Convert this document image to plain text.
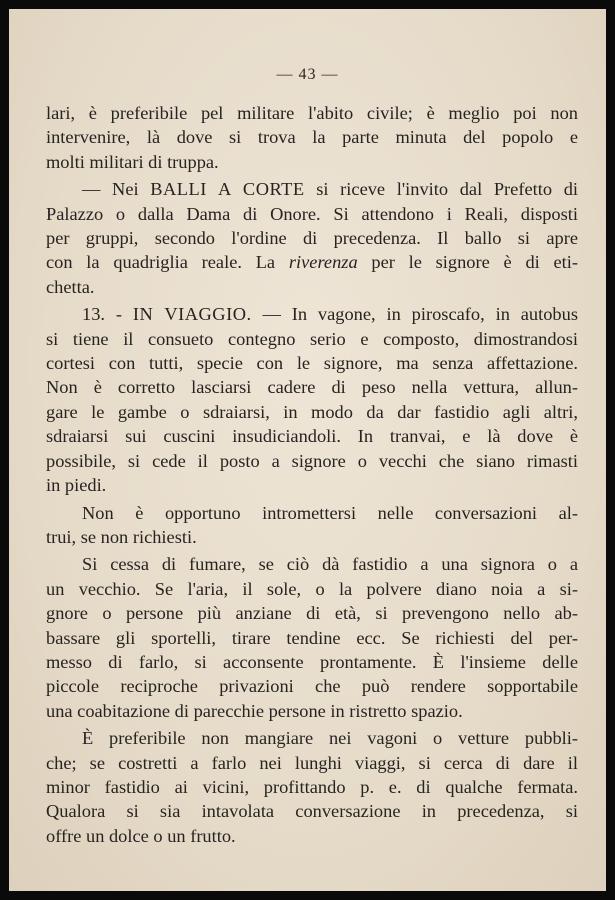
— 43 —

lari, è preferibile pel militare l'abito civile; è meglio poi non
intervenire, là dove si trova la parte minuta del popolo e
molti militari di truppa.

— Nei BALLI A CORTE si riceve l'invito dal Prefetto di
Palazzo o dalla Dama di Onore. Si attendono i Reali, disposti
per gruppi, secondo l'ordine di precedenza. Il ballo si apre
con la quadriglia reale. La riverenza per le signore è di eti-
chetta.

13. - IN VIAGGIO. — In vagone, in piroscafo, in autobus
si tiene il consueto contegno serio e composto, dimostrandosi
cortesi con tutti, specie con le signore, ma senza affettazione.
Non è corretto lasciarsi cadere di peso nella vettura, allun-
gare le gambe o sdraiarsi, in modo da dar fastidio agli altri,
sdraiarsi sui cuscini insudiciandoli. In tranvai, e là dove è
possibile, si cede il posto a signore o vecchi che siano rimasti
in piedi.

Non è opportuno intromettersi nelle conversazioni al-
trui, se non richiesti.

Si cessa di fumare, se ciò dà fastidio a una signora o a
un vecchio. Se l'aria, il sole, o la polvere diano noia a si-
gnore o persone più anziane di età, si prevengono nello ab-
bassare gli sportelli, tirare tendine ecc. Se richiesti del per-
messo di farlo, si acconsente prontamente. È l'insieme delle
piccole reciproche privazioni che può rendere sopportabile
una coabitazione di parecchie persone in ristretto spazio.

È preferibile non mangiare nei vagoni o vetture pubbli-
che; se costretti a farlo nei lunghi viaggi, si cerca di dare il
minor fastidio ai vicini, profittando p. e. di qualche fermata.
Qualora si sia intavolata conversazione in precedenza, si
offre un dolce o un frutto.
